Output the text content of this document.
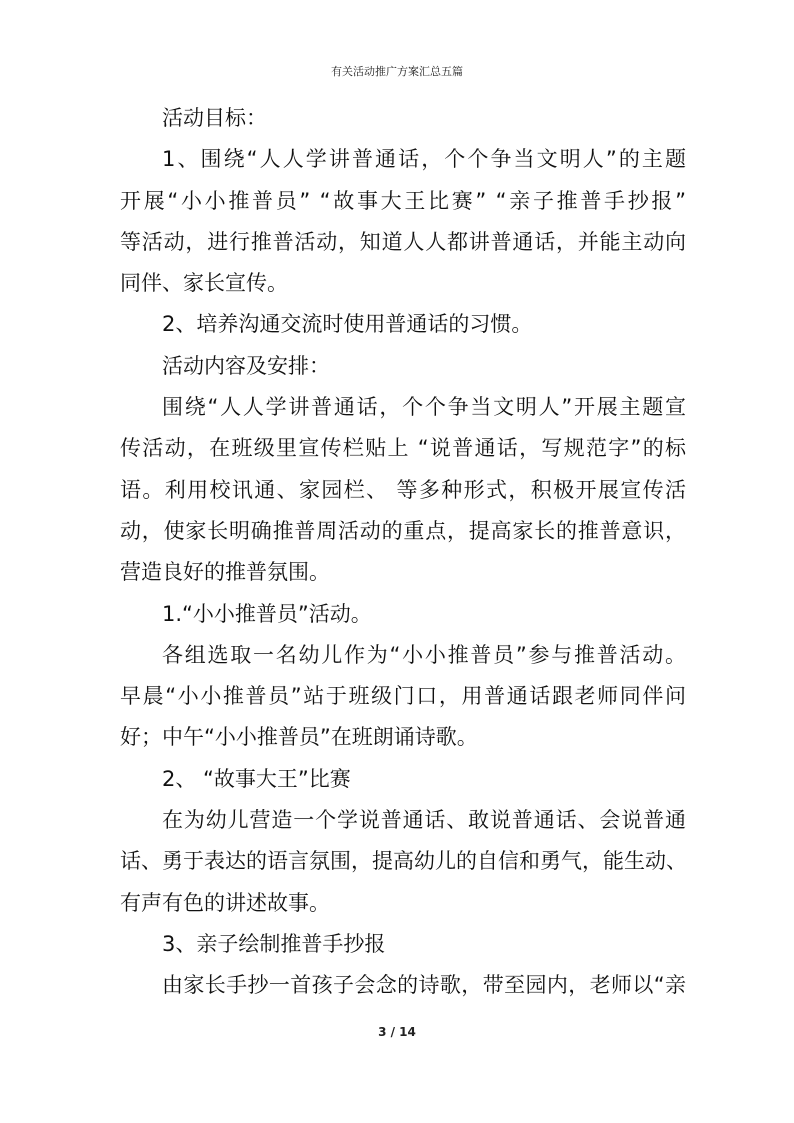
有关活动推广方案汇总五篇
活动目标：
1、围绕“人人学讲普通话，个个争当文明人”的主题
开展“小小推普员” “故事大王比赛” “亲子推普手抄报”
等活动，进行推普活动，知道人人都讲普通话，并能主动向
同伴、家长宣传。
2、培养沟通交流时使用普通话的习惯。
活动内容及安排：
围绕“人人学讲普通话，个个争当文明人”开展主题宣
传活动，在班级里宣传栏贴上 “说普通话，写规范字”的标
语。利用校讯通、家园栏、 等多种形式，积极开展宣传活
动，使家长明确推普周活动的重点，提高家长的推普意识，
营造良好的推普氛围。
1.“小小推普员”活动。
各组选取一名幼儿作为“小小推普员”参与推普活动。
早晨“小小推普员”站于班级门口，用普通话跟老师同伴问
好；中午“小小推普员”在班朗诵诗歌。
2、 “故事大王”比赛
在为幼儿营造一个学说普通话、敢说普通话、会说普通
话、勇于表达的语言氛围，提高幼儿的自信和勇气，能生动、
有声有色的讲述故事。
3、亲子绘制推普手抄报
由家长手抄一首孩子会念的诗歌，带至园内，老师以“亲
3 / 14
